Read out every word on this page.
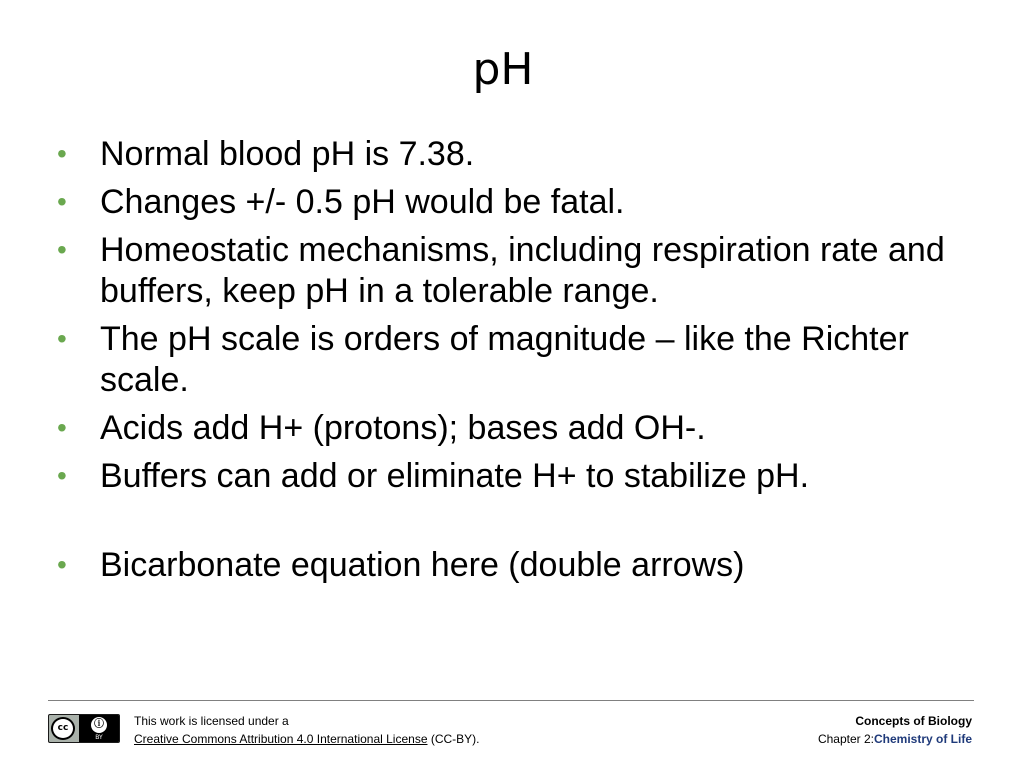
pH
• Normal blood pH is 7.38.
• Changes +/- 0.5 pH would be fatal.
• Homeostatic mechanisms, including respiration rate and buffers, keep pH in a tolerable range.
• The pH scale is orders of magnitude – like the Richter scale.
• Acids add H+ (protons); bases add OH-.
• Buffers can add or eliminate H+ to stabilize pH.
• Bicarbonate equation here (double arrows)
cc	ⓘ
BY
This work is licensed under a
Creative Commons Attribution 4.0 International License (CC-BY).
Concepts of Biology
Chapter 2:Chemistry of Life
